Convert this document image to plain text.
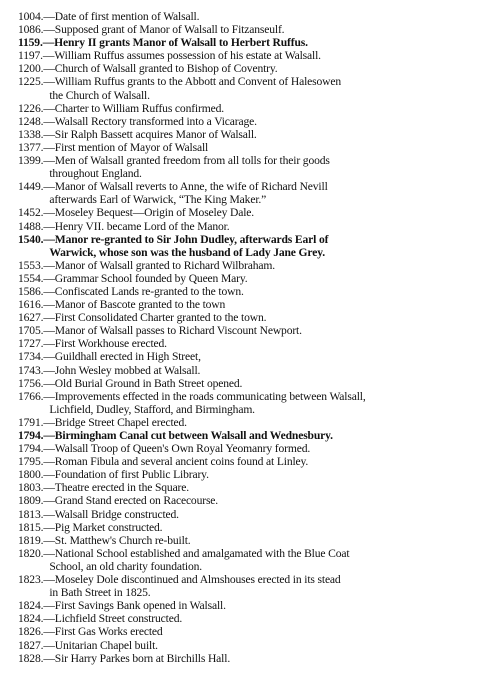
1004. —Date of first mention of Walsall.
1086. —Supposed grant of Manor of Walsall to Fitzanseulf.
1159. —Henry II grants Manor of Walsall to Herbert Ruffus.
1197. —William Ruffus assumes possession of his estate at Walsall.
1200. —Church of Walsall granted to Bishop of Coventry.
1225. —William Ruffus grants to the Abbott and Convent of Halesowen
the Church of Walsall.
1226. —Charter to William Ruffus confirmed.
1248. —Walsall Rectory transformed into a Vicarage.
1338. —Sir Ralph Bassett acquires Manor of Walsall.
1377. —First mention of Mayor of Walsall
1399. —Men of Walsall granted freedom from all tolls for their goods
throughout England.
1449. —Manor of Walsall reverts to Anne, the wife of Richard Nevill
afterwards Earl of Warwick, “The King Maker.”
1452. —Moseley Bequest—Origin of Moseley Dale.
1488. —Henry VII. became Lord of the Manor.
1540. —Manor re-granted to Sir John Dudley, afterwards Earl of
Warwick, whose son was the husband of Lady Jane Grey.
1553. —Manor of Walsall granted to Richard Wilbraham.
1554. —Grammar School founded by Queen Mary.
1586. —Confiscated Lands re-granted to the town.
1616. —Manor of Bascote granted to the town
1627. —First Consolidated Charter granted to the town.
1705. —Manor of Walsall passes to Richard Viscount Newport.
1727. —First Workhouse erected.
1734. —Guildhall erected in High Street,
1743. —John Wesley mobbed at Walsall.
1756. —Old Burial Ground in Bath Street opened.
1766. —Improvements effected in the roads communicating between Walsall,
Lichfield, Dudley, Stafford, and Birmingham.
1791. —Bridge Street Chapel erected.
1794. —Birmingham Canal cut between Walsall and Wednesbury.
1794. —Walsall Troop of Queen's Own Royal Yeomanry formed.
1795. —Roman Fibula and several ancient coins found at Linley.
1800. —Foundation of first Public Library.
1803. —Theatre erected in the Square.
1809. —Grand Stand erected on Racecourse.
1813. —Walsall Bridge constructed.
1815. —Pig Market constructed.
1819. —St. Matthew's Church re-built.
1820. —National School established and amalgamated with the Blue Coat
School, an old charity foundation.
1823. —Moseley Dole discontinued and Almshouses erected in its stead
in Bath Street in 1825.
1824. —First Savings Bank opened in Walsall.
1824. —Lichfield Street constructed.
1826. —First Gas Works erected
1827. —Unitarian Chapel built.
1828. —Sir Harry Parkes born at Birchills Hall.
